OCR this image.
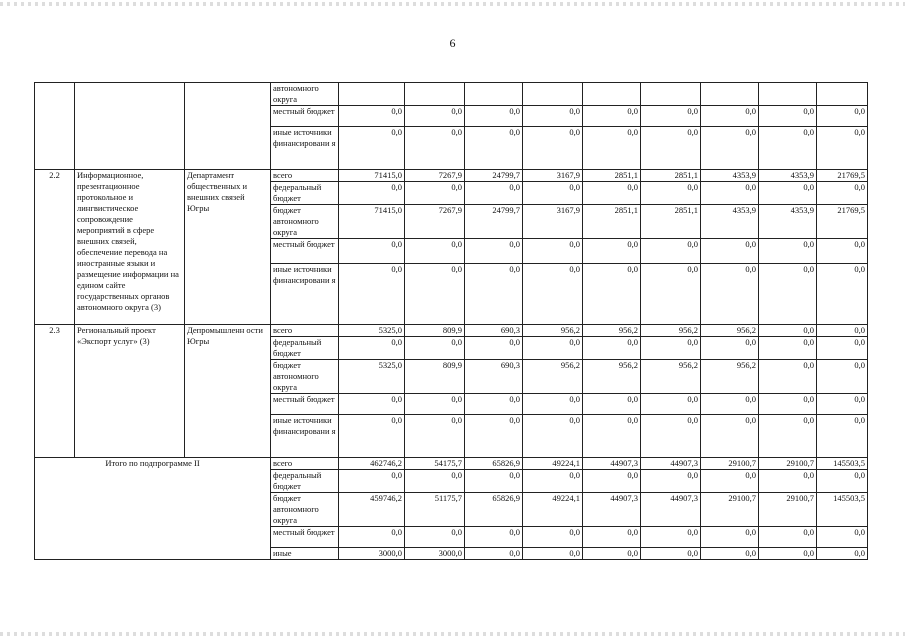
6
			автономного округа									
			местный бюджет	0,0	0,0	0,0	0,0	0,0	0,0	0,0	0,0	0,0
			иные источники финансировани я	0,0	0,0	0,0	0,0	0,0	0,0	0,0	0,0	0,0
2.2	Информационное, презентационное протокольное и лингвистическое сопровождение мероприятий в сфере внешних связей, обеспечение перевода на иностранные языки и размещение информации на едином сайте государственных органов автономного округа (3)	Департамент общественных и внешних связей Югры	всего	71415,0	7267,9	24799,7	3167,9	2851,1	2851,1	4353,9	4353,9	21769,5
			федеральный бюджет	0,0	0,0	0,0	0,0	0,0	0,0	0,0	0,0	0,0
			бюджет автономного округа	71415,0	7267,9	24799,7	3167,9	2851,1	2851,1	4353,9	4353,9	21769,5
			местный бюджет	0,0	0,0	0,0	0,0	0,0	0,0	0,0	0,0	0,0
			иные источники финансировани я	0,0	0,0	0,0	0,0	0,0	0,0	0,0	0,0	0,0
2.3	Региональный проект «Экспорт услуг» (3)	Депромышленн ости Югры	всего	5325,0	809,9	690,3	956,2	956,2	956,2	956,2	0,0	0,0
			федеральный бюджет	0,0	0,0	0,0	0,0	0,0	0,0	0,0	0,0	0,0
			бюджет автономного округа	5325,0	809,9	690,3	956,2	956,2	956,2	956,2	0,0	0,0
			местный бюджет	0,0	0,0	0,0	0,0	0,0	0,0	0,0	0,0	0,0
			иные источники финансировани я	0,0	0,0	0,0	0,0	0,0	0,0	0,0	0,0	0,0
Итого по подпрограмме II			всего	462746,2	54175,7	65826,9	49224,1	44907,3	44907,3	29100,7	29100,7	145503,5
			федеральный бюджет	0,0	0,0	0,0	0,0	0,0	0,0	0,0	0,0	0,0
			бюджет автономного округа	459746,2	51175,7	65826,9	49224,1	44907,3	44907,3	29100,7	29100,7	145503,5
			местный бюджет	0,0	0,0	0,0	0,0	0,0	0,0	0,0	0,0	0,0
			иные	3000,0	3000,0	0,0	0,0	0,0	0,0	0,0	0,0	0,0
